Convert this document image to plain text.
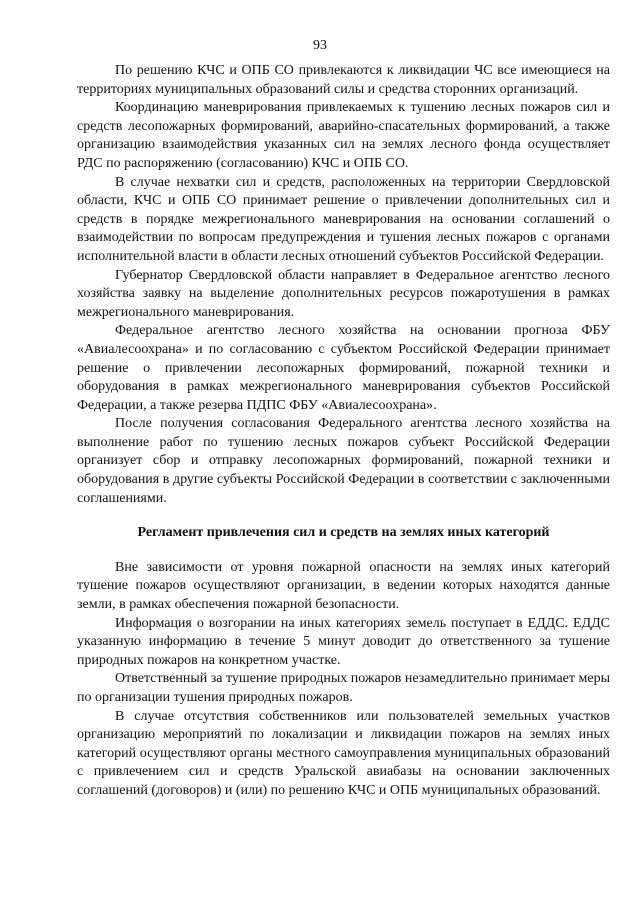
93

По решению КЧС и ОПБ СО привлекаются к ликвидации ЧС все имеющиеся на территориях муниципальных образований силы и средства сторонних организаций.

Координацию маневрирования привлекаемых к тушению лесных пожаров сил и средств лесопожарных формирований, аварийно-спасательных формирований, а также организацию взаимодействия указанных сил на землях лесного фонда осуществляет РДС по распоряжению (согласованию) КЧС и ОПБ СО.

В случае нехватки сил и средств, расположенных на территории Свердловской области, КЧС и ОПБ СО принимает решение о привлечении дополнительных сил и средств в порядке межрегионального маневрирования на основании соглашений о взаимодействии по вопросам предупреждения и тушения лесных пожаров с органами исполнительной власти в области лесных отношений субъектов Российской Федерации.

Губернатор Свердловской области направляет в Федеральное агентство лесного хозяйства заявку на выделение дополнительных ресурсов пожаротушения в рамках межрегионального маневрирования.

Федеральное агентство лесного хозяйства на основании прогноза ФБУ «Авиалесоохрана» и по согласованию с субъектом Российской Федерации принимает решение о привлечении лесопожарных формирований, пожарной техники и оборудования в рамках межрегионального маневрирования субъектов Российской Федерации, а также резерва ПДПС ФБУ «Авиалесоохрана».

После получения согласования Федерального агентства лесного хозяйства на выполнение работ по тушению лесных пожаров субъект Российской Федерации организует сбор и отправку лесопожарных формирований, пожарной техники и оборудования в другие субъекты Российской Федерации в соответствии с заключенными соглашениями.

Регламент привлечения сил и средств на землях иных категорий

Вне зависимости от уровня пожарной опасности на землях иных категорий тушение пожаров осуществляют организации, в ведении которых находятся данные земли, в рамках обеспечения пожарной безопасности.

Информация о возгорании на иных категориях земель поступает в ЕДДС. ЕДДС указанную информацию в течение 5 минут доводит до ответственного за тушение природных пожаров на конкретном участке.

Ответственный за тушение природных пожаров незамедлительно принимает меры по организации тушения природных пожаров.

В случае отсутствия собственников или пользователей земельных участков организацию мероприятий по локализации и ликвидации пожаров на землях иных категорий осуществляют органы местного самоуправления муниципальных образований с привлечением сил и средств Уральской авиабазы на основании заключенных соглашений (договоров) и (или) по решению КЧС и ОПБ муниципальных образований.
